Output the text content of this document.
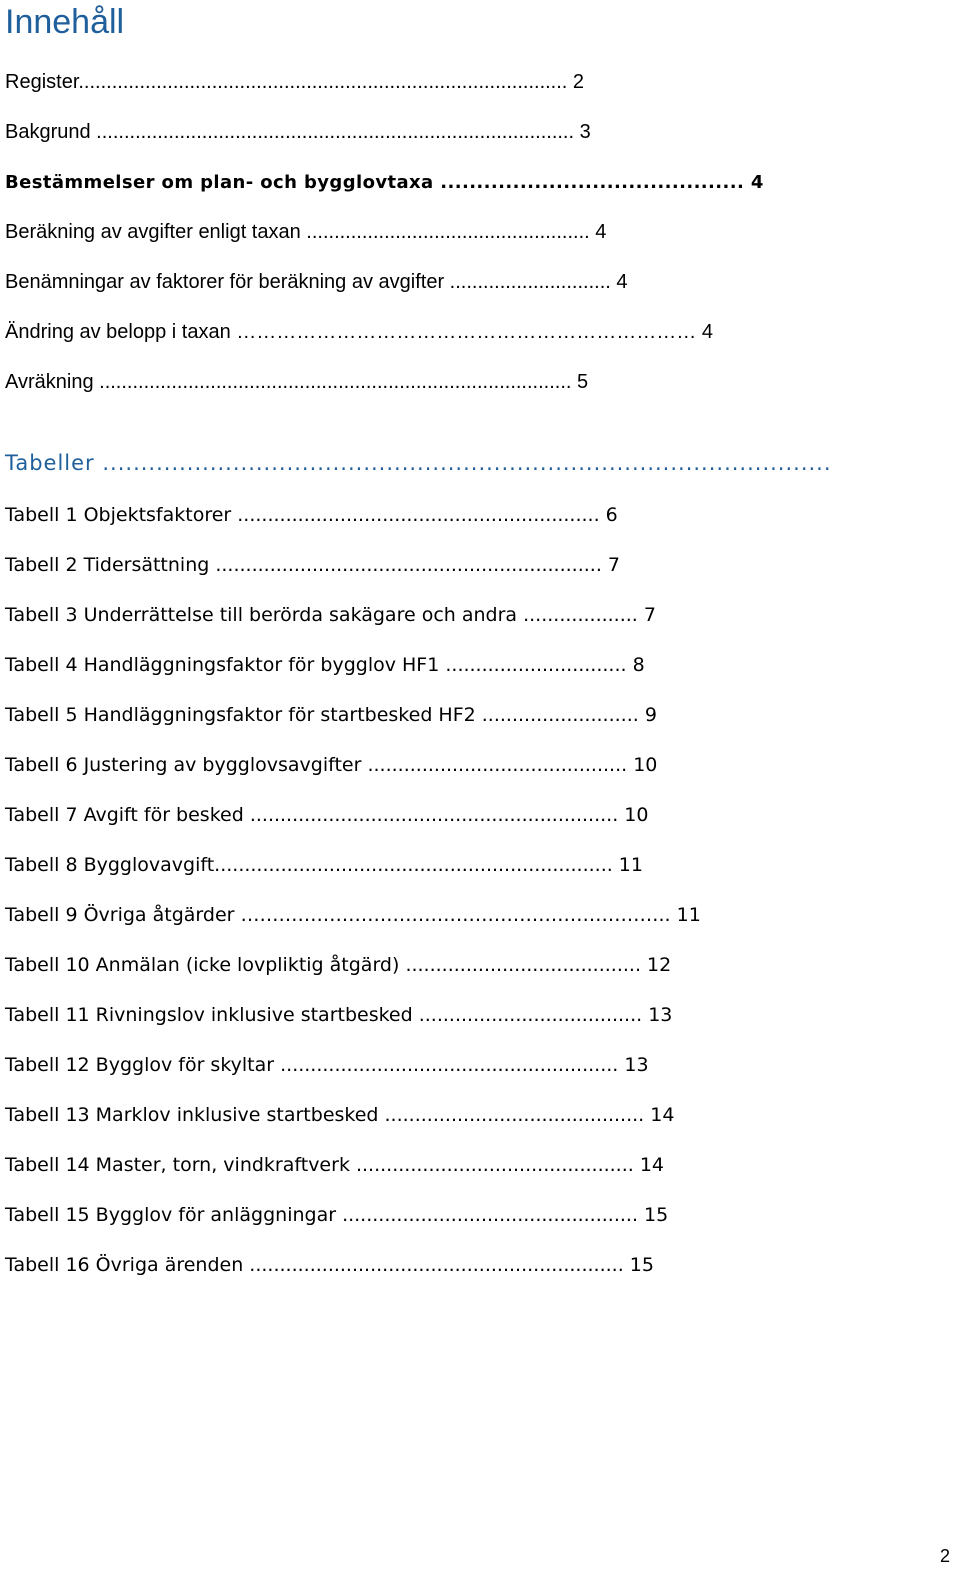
Innehåll
Register........................................................................................ 2
Bakgrund ...................................................................................... 3
Bestämmelser om plan- och bygglovtaxa .......................................... 4
Beräkning av avgifter enligt taxan ................................................... 4
Benämningar av faktorer för beräkning av avgifter ............................. 4
Ändring av belopp i taxan …………………………………………………………… 4
Avräkning ..................................................................................... 5
Tabeller ...............................................................................................
Tabell 1 Objektsfaktorer ............................................................ 6
Tabell 2 Tidersättning ................................................................ 7
Tabell 3 Underrättelse till berörda sakägare och andra ................... 7
Tabell 4 Handläggningsfaktor för bygglov HF1 .............................. 8
Tabell 5 Handläggningsfaktor för startbesked HF2 .......................... 9
Tabell 6 Justering av bygglovsavgifter ........................................... 10
Tabell 7 Avgift för besked ............................................................. 10
Tabell 8 Bygglovavgift.................................................................. 11
Tabell 9 Övriga åtgärder ………………………………………………………….. 11
Tabell 10 Anmälan (icke lovpliktig åtgärd) ....................................... 12
Tabell 11 Rivningslov inklusive startbesked ..................................... 13
Tabell 12 Bygglov för skyltar ........................................................ 13
Tabell 13 Marklov inklusive startbesked ........................................... 14
Tabell 14 Master, torn, vindkraftverk .............................................. 14
Tabell 15 Bygglov för anläggningar ................................................. 15
Tabell 16 Övriga ärenden .............................................................. 15
2
